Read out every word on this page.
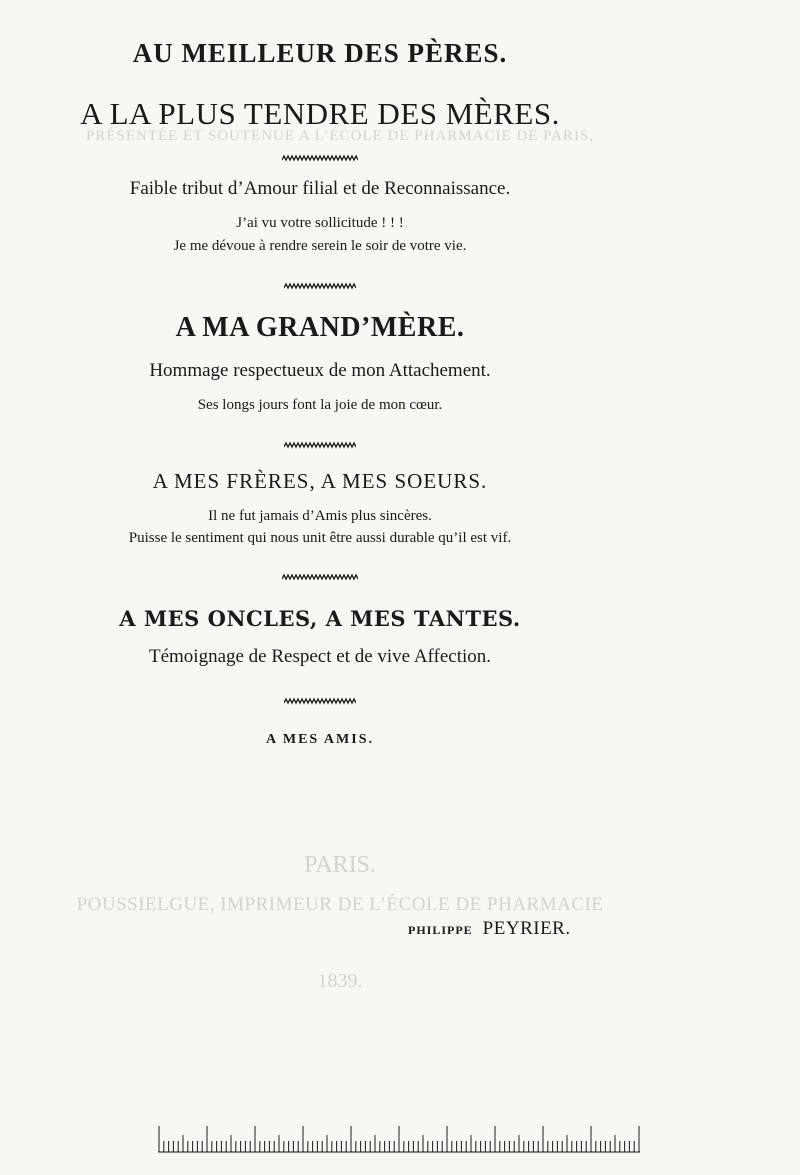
PRÉSENTÉE ET SOUTENUE A L’ÉCOLE DE PHARMACIE DE PARIS,
PARIS.
POUSSIELGUE, IMPRIMEUR DE L’ÉCOLE DE PHARMACIE
1839.
AU MEILLEUR DES PÈRES.
A LA PLUS TENDRE DES MÈRES.
Faible tribut d’Amour filial et de Reconnaissance.
J’ai vu votre sollicitude ! ! !
Je me dévoue à rendre serein le soir de votre vie.
A MA GRAND’MÈRE.
Hommage respectueux de mon Attachement.
Ses longs jours font la joie de mon cœur.
A MES FRÈRES, A MES SOEURS.
Il ne fut jamais d’Amis plus sincères.
Puisse le sentiment qui nous unit être aussi durable qu’il est vif.
A MES ONCLES, A MES TANTES.
Témoignage de Respect et de vive Affection.
A MES AMIS.
PHILIPPE PEYRIER.
